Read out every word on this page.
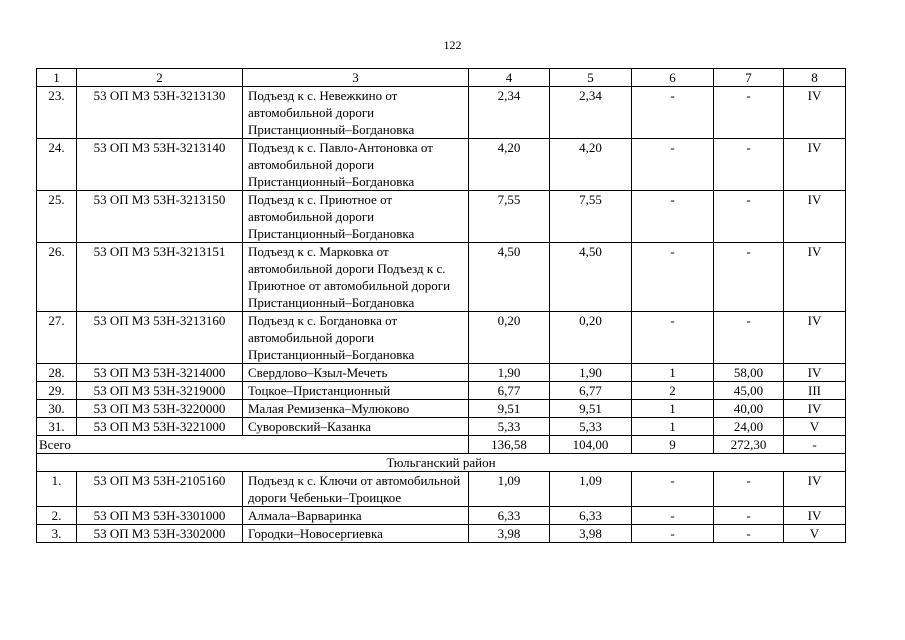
122
1	2	3	4	5	6	7	8
23.	53 ОП МЗ 53Н-3213130	Подъезд к с. Невежкино от автомобильной дороги Пристанционный–Богдановка	2,34	2,34	-	-	IV
24.	53 ОП МЗ 53Н-3213140	Подъезд к с. Павло-Антоновка от автомобильной дороги Пристанционный–Богдановка	4,20	4,20	-	-	IV
25.	53 ОП МЗ 53Н-3213150	Подъезд к с. Приютное от автомобильной дороги Пристанционный–Богдановка	7,55	7,55	-	-	IV
26.	53 ОП МЗ 53Н-3213151	Подъезд к с. Марковка от автомобильной дороги Подъезд к с. Приютное от автомобильной дороги Пристанционный–Богдановка	4,50	4,50	-	-	IV
27.	53 ОП МЗ 53Н-3213160	Подъезд к с. Богдановка от автомобильной дороги Пристанционный–Богдановка	0,20	0,20	-	-	IV
28.	53 ОП МЗ 53Н-3214000	Свердлово–Кзыл-Мечеть	1,90	1,90	1	58,00	IV
29.	53 ОП МЗ 53Н-3219000	Тоцкое–Пристанционный	6,77	6,77	2	45,00	III
30.	53 ОП МЗ 53Н-3220000	Малая Ремизенка–Мулюково	9,51	9,51	1	40,00	IV
31.	53 ОП МЗ 53Н-3221000	Суворовский–Казанка	5,33	5,33	1	24,00	V
Всего			136,58	104,00	9	272,30	-
Тюльганский район							
1.	53 ОП МЗ 53Н-2105160	Подъезд к с. Ключи от автомобильной дороги Чебеньки–Троицкое	1,09	1,09	-	-	IV
2.	53 ОП МЗ 53Н-3301000	Алмала–Варваринка	6,33	6,33	-	-	IV
3.	53 ОП МЗ 53Н-3302000	Городки–Новосергиевка	3,98	3,98	-	-	V
